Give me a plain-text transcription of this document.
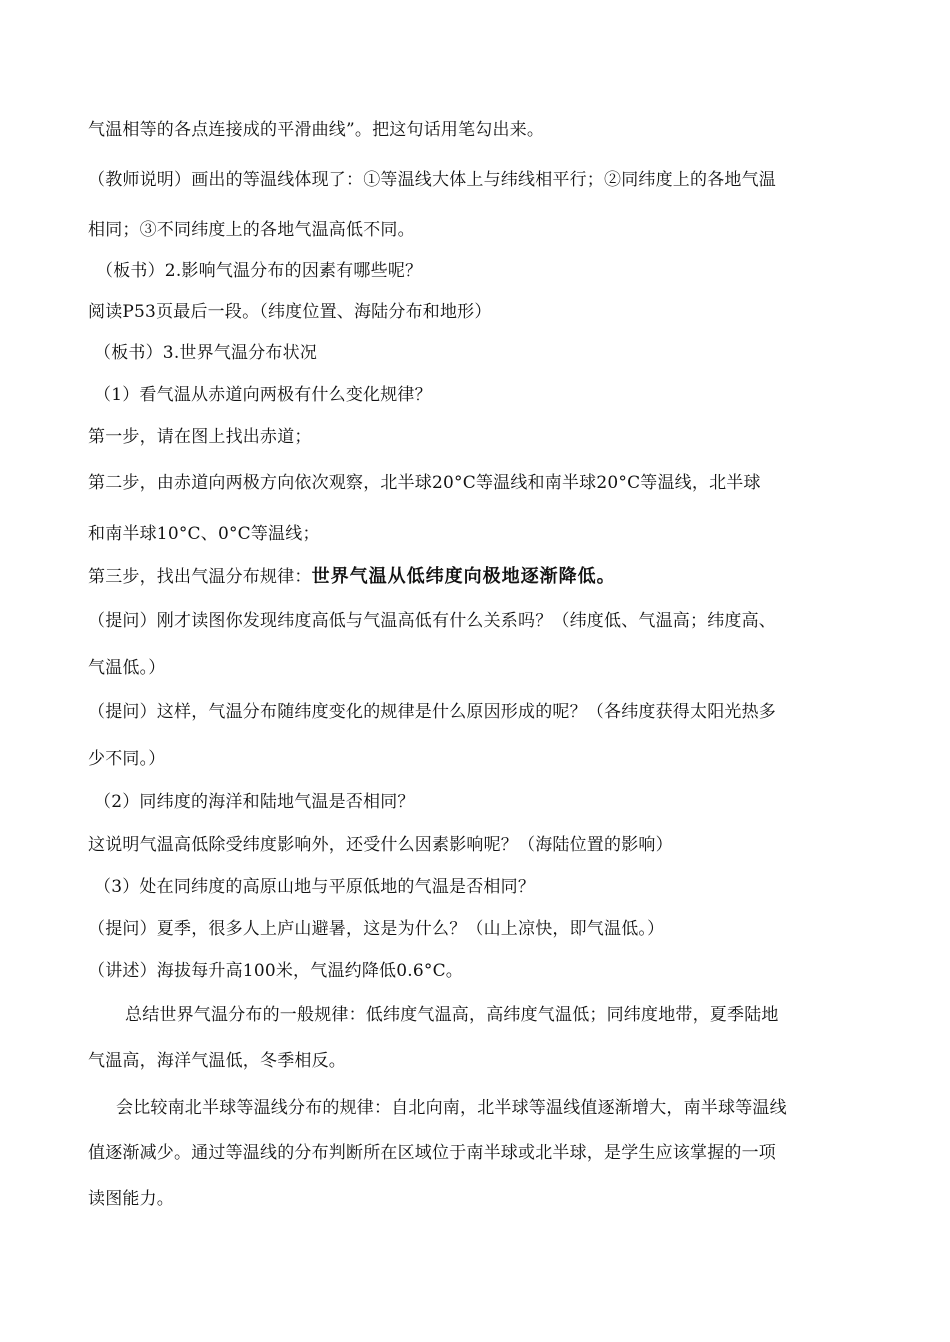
气温相等的各点连接成的平滑曲线”。把这句话用笔勾出来。
（教师说明）画出的等温线体现了：①等温线大体上与纬线相平行；②同纬度上的各地气温
相同；③不同纬度上的各地气温高低不同。
（板书）2.影响气温分布的因素有哪些呢？
阅读P53页最后一段。（纬度位置、海陆分布和地形）
（板书）3.世界气温分布状况
（1）看气温从赤道向两极有什么变化规律？
第一步，请在图上找出赤道；
第二步，由赤道向两极方向依次观察，北半球20°C等温线和南半球20°C等温线，北半球
和南半球10°C、0°C等温线；
第三步，找出气温分布规律：世界气温从低纬度向极地逐渐降低。
（提问）刚才读图你发现纬度高低与气温高低有什么关系吗？（纬度低、气温高；纬度高、
气温低。）
（提问）这样，气温分布随纬度变化的规律是什么原因形成的呢？（各纬度获得太阳光热多
少不同。）
（2）同纬度的海洋和陆地气温是否相同？
这说明气温高低除受纬度影响外，还受什么因素影响呢？（海陆位置的影响）
（3）处在同纬度的高原山地与平原低地的气温是否相同？
（提问）夏季，很多人上庐山避暑，这是为什么？（山上凉快，即气温低。）
（讲述）海拔每升高100米，气温约降低0.6°C。
总结世界气温分布的一般规律：低纬度气温高，高纬度气温低；同纬度地带，夏季陆地
气温高，海洋气温低，冬季相反。
会比较南北半球等温线分布的规律：自北向南，北半球等温线值逐渐增大，南半球等温线
值逐渐减少。通过等温线的分布判断所在区域位于南半球或北半球，是学生应该掌握的一项
读图能力。
